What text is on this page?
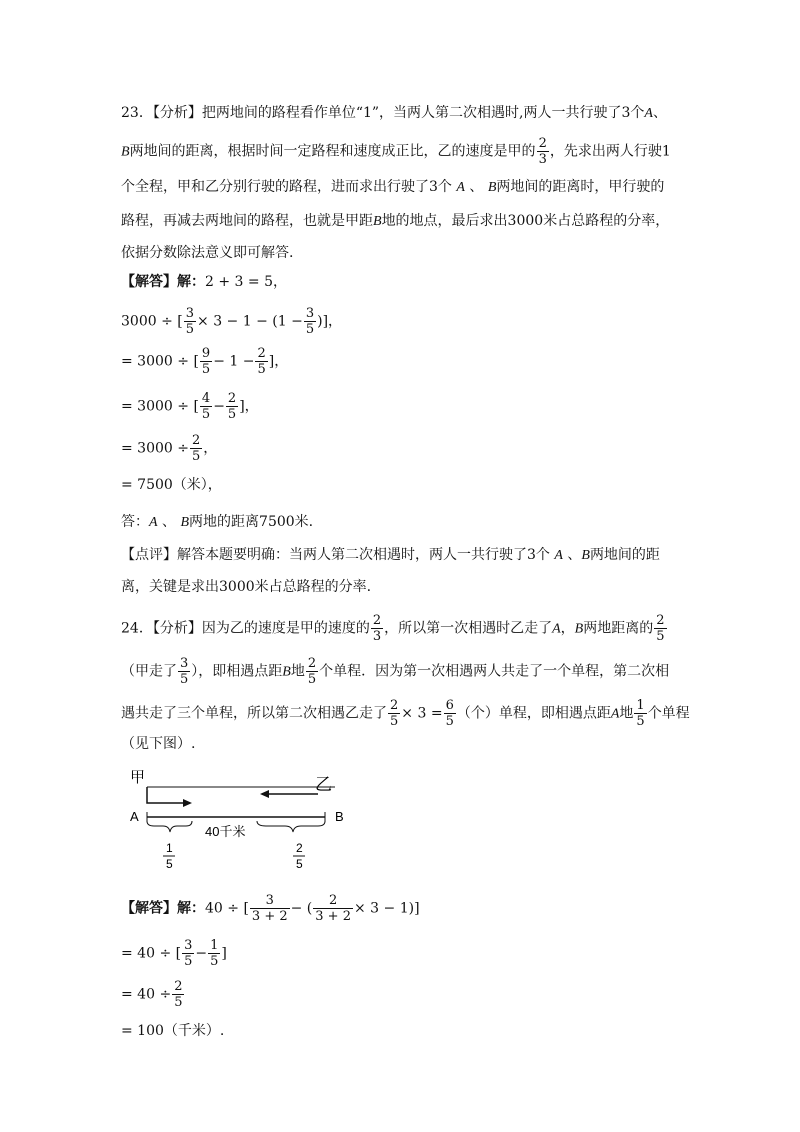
23．【分析】把两地间的路程看作单位“1”，当两人第二次相遇时,两人一共行驶了3个A、
B两地间的距离，根据时间一定路程和速度成正比，乙的速度是甲的 $\frac{2}{3}$ ，先求出两人行驶1
个全程，甲和乙分别行驶的路程，进而求出行驶了3个 A 、 B两地间的距离时，甲行驶的
路程，再减去两地间的路程，也就是甲距B地的地点，最后求出3000米占总路程的分率，
依据分数除法意义即可解答.
【解答】解：2 + 3 = 5，
3000 ÷ [ $\frac{3}{5} \times 3 - 1 - (1 - \frac{3}{5}$ )]，
= 3000 ÷ [ $\frac{9}{5} - 1 - \frac{2}{5}$ ]，
= 3000 ÷ [ $\frac{4}{5} - \frac{2}{5}$ ]，
= $3000 \div \frac{2}{5}$ ，
= 7500（米），
答：A 、 B两地的距离7500米.
【点评】解答本题要明确：当两人第二次相遇时，两人一共行驶了3个 A 、B两地间的距
离，关键是求出3000米占总路程的分率.
24．【分析】因为乙的速度是甲的速度的 $\frac{2}{3}$ ，所以第一次相遇时乙走了A，B两地距离的 $\frac{2}{5}$
（甲走了 $\frac{3}{5}$ ），即相遇点距B地 $\frac{2}{5}$ 个单程．因为第一次相遇两人共走了一个单程，第二次相
遇共走了三个单程，所以第二次相遇乙走了 $\frac{2}{5} \times 3 = \frac{6}{5}$ （个）单程，即相遇点距A地 $\frac{1}{5}$ 个单程
（见下图）.
甲	乙
A	B
40千米
1
5
2
5
【解答】解：40 ÷ [ $\frac{3}{3 + 2}$ − ( $\frac{2}{3 + 2} \times 3 - 1$)]
= 40 ÷ [ $\frac{3}{5} - \frac{1}{5}$ ]
= $40 \div \frac{2}{5}$
= 100（千米）.
